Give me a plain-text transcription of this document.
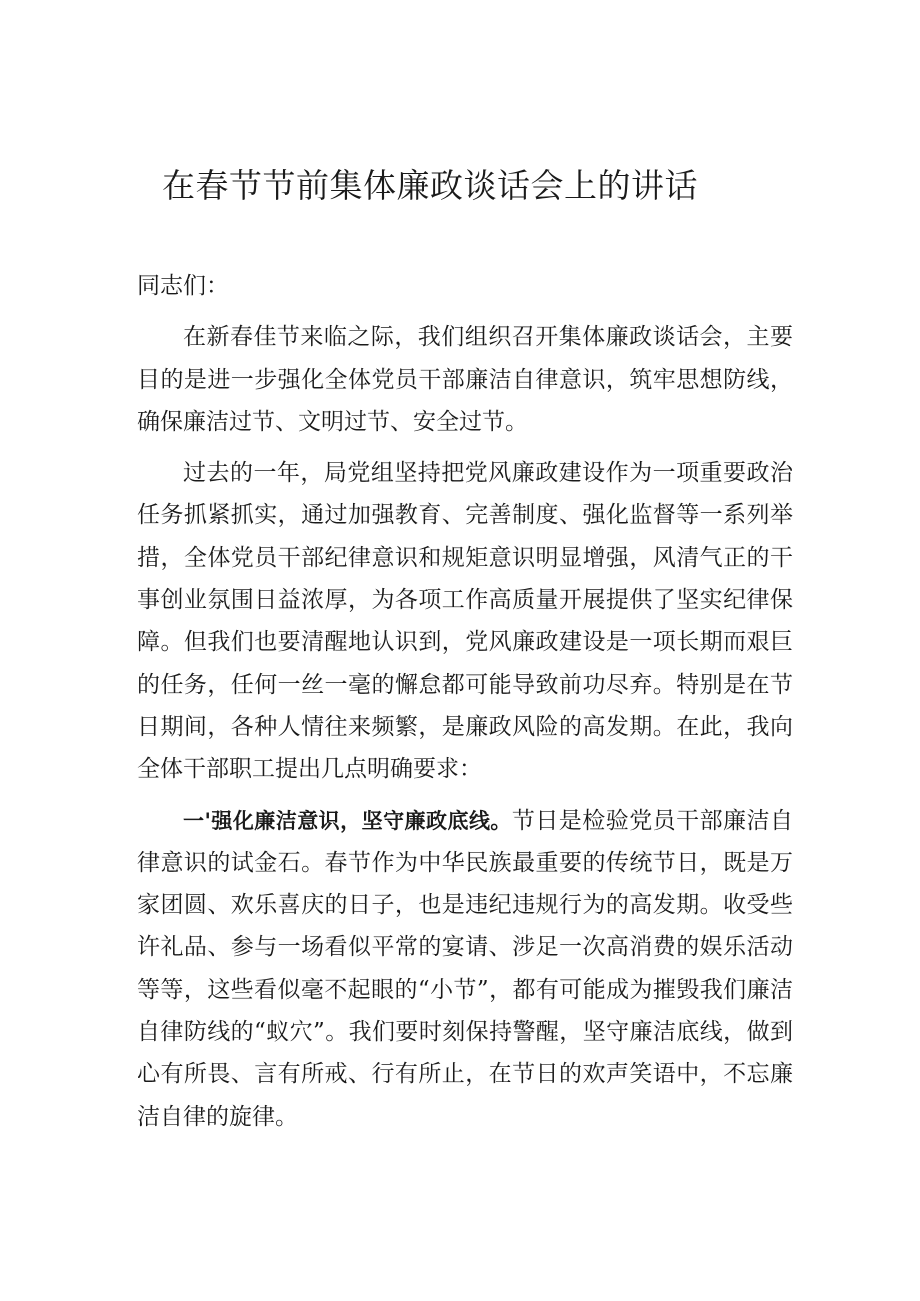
在春节节前集体廉政谈话会上的讲话

同志们：

在新春佳节来临之际，我们组织召开集体廉政谈话会，主要目的是进一步强化全体党员干部廉洁自律意识，筑牢思想防线，确保廉洁过节、文明过节、安全过节。

过去的一年，局党组坚持把党风廉政建设作为一项重要政治任务抓紧抓实，通过加强教育、完善制度、强化监督等一系列举措，全体党员干部纪律意识和规矩意识明显增强，风清气正的干事创业氛围日益浓厚，为各项工作高质量开展提供了坚实纪律保障。但我们也要清醒地认识到，党风廉政建设是一项长期而艰巨的任务，任何一丝一毫的懈怠都可能导致前功尽弃。特别是在节日期间，各种人情往来频繁，是廉政风险的高发期。在此，我向全体干部职工提出几点明确要求：

一'强化廉洁意识，坚守廉政底线。节日是检验党员干部廉洁自律意识的试金石。春节作为中华民族最重要的传统节日，既是万家团圆、欢乐喜庆的日子，也是违纪违规行为的高发期。收受些许礼品、参与一场看似平常的宴请、涉足一次高消费的娱乐活动等等，这些看似毫不起眼的“小节”，都有可能成为摧毁我们廉洁自律防线的“蚁穴”。我们要时刻保持警醒，坚守廉洁底线，做到心有所畏、言有所戒、行有所止，在节日的欢声笑语中，不忘廉洁自律的旋律。
